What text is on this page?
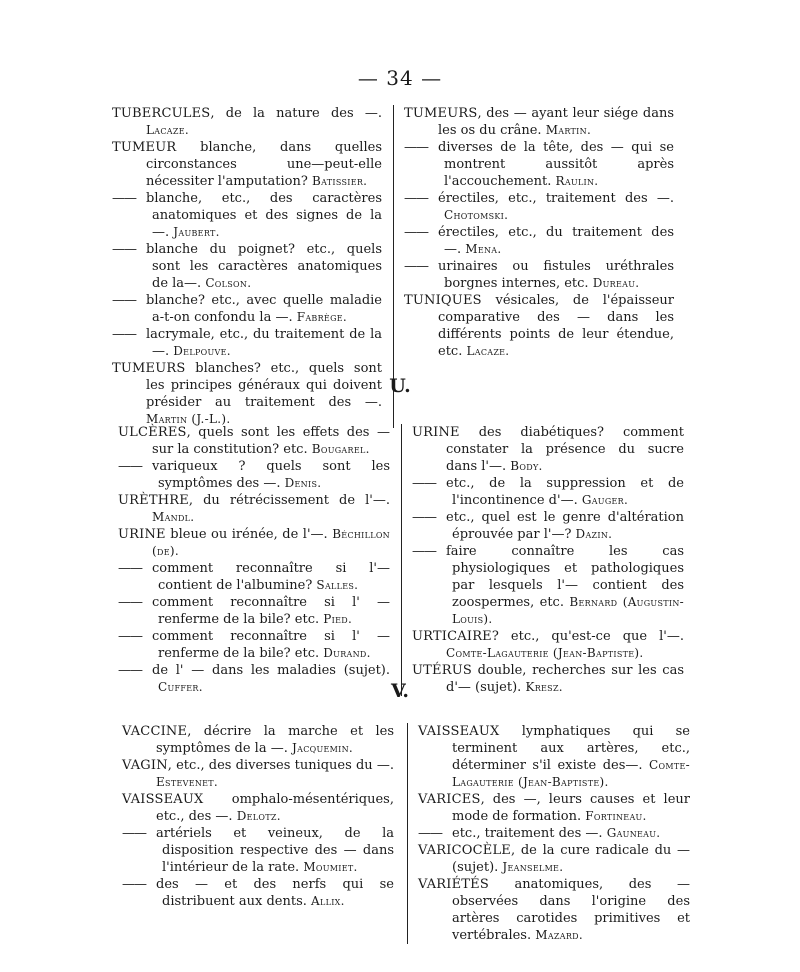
— 34 —

TUBERCULES, de la nature des —. Lacaze.

TUMEUR blanche, dans quelles circonstances une—peut-elle nécessiter l'amputation? Batissier.

—— blanche, etc., des caractères anatomiques et des signes de la —. Jaubert.

—— blanche du poignet? etc., quels sont les caractères anatomiques de la—. Colson.

—— blanche? etc., avec quelle maladie a-t-on confondu la —. Fabrège.

—— lacrymale, etc., du traitement de la —. Delpouve.

TUMEURS blanches? etc., quels sont les principes généraux qui doivent présider au traitement des —. Martin (J.-L.).

TUMEURS, des — ayant leur siége dans les os du crâne. Martin.

—— diverses de la tête, des — qui se montrent aussitôt après l'accouchement. Raulin.

—— érectiles, etc., traitement des —. Chotomski.

—— érectiles, etc., du traitement des —. Mena.

—— urinaires ou fistules uréthrales borgnes internes, etc. Dureau.

TUNIQUES vésicales, de l'épaisseur comparative des — dans les différents points de leur étendue, etc. Lacaze.

U.

ULCÈRES, quels sont les effets des — sur la constitution? etc. Bougarel.

—— variqueux ? quels sont les symptômes des —. Denis.

URÈTHRE, du rétrécissement de l'—. Mandl.

URINE bleue ou irénée, de l'—. Béchillon (de).

—— comment reconnaître si l'— contient de l'albumine? Salles.

—— comment reconnaître si l' — renferme de la bile? etc. Pied.

—— comment reconnaître si l' — renferme de la bile? etc. Durand.

—— de l' — dans les maladies (sujet). Cuffer.

URINE des diabétiques? comment constater la présence du sucre dans l'—. Body.

—— etc., de la suppression et de l'incontinence d'—. Gauger.

—— etc., quel est le genre d'altération éprouvée par l'—? Dazin.

—— faire connaître les cas physiologiques et pathologiques par lesquels l'— contient des zoospermes, etc. Bernard (Augustin-Louis).

URTICAIRE? etc., qu'est-ce que l'—. Comte-Lagauterie (Jean-Baptiste).

UTÉRUS double, recherches sur les cas d'— (sujet). Kresz.

V.

VACCINE, décrire la marche et les symptômes de la —. Jacquemin.

VAGIN, etc., des diverses tuniques du —. Estevenet.

VAISSEAUX omphalo-mésentériques, etc., des —. Delotz.

—— artériels et veineux, de la disposition respective des — dans l'intérieur de la rate. Moumiet.

—— des — et des nerfs qui se distribuent aux dents. Allix.

VAISSEAUX lymphatiques qui se terminent aux artères, etc., déterminer s'il existe des—. Comte-Lagauterie (Jean-Baptiste).

VARICES, des —, leurs causes et leur mode de formation. Fortineau.

—— etc., traitement des —. Gauneau.

VARICOCÈLE, de la cure radicale du — (sujet). Jeanselme.

VARIÉTÉS anatomiques, des — observées dans l'origine des artères carotides primitives et vertébrales. Mazard.
